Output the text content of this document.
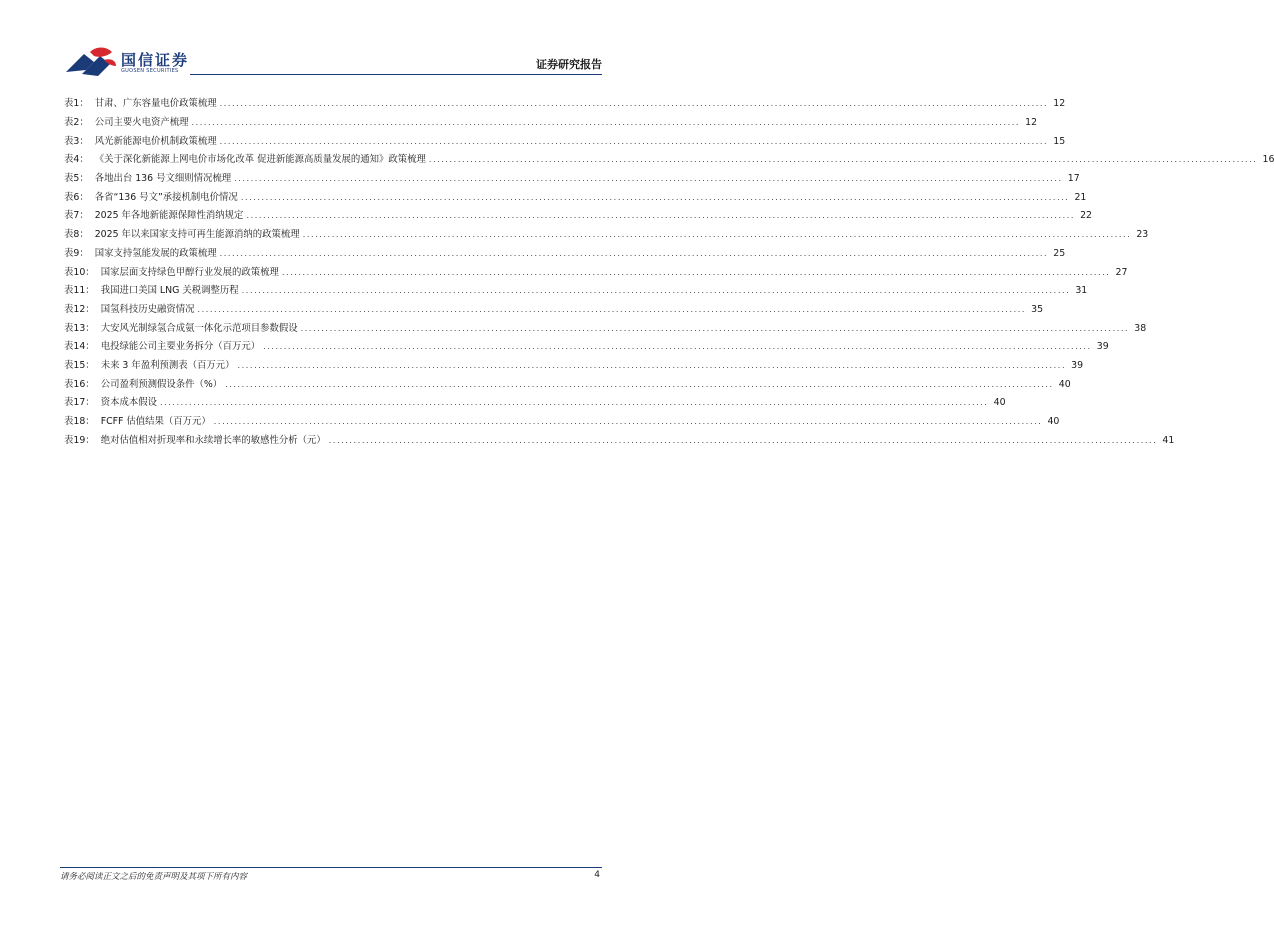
国信证券
GUOSEN SECURITIES	证券研究报告
表1： 甘肃、广东容量电价政策梳理 ........................................................................................................................................................................................................ 12
表2： 公司主要火电资产梳理 ........................................................................................................................................................................................................ 12
表3： 风光新能源电价机制政策梳理 ........................................................................................................................................................................................................ 15
表4： 《关于深化新能源上网电价市场化改革 促进新能源高质量发展的通知》政策梳理 ........................................................................................................................................................................................................ 16
表5： 各地出台 136 号文细则情况梳理 ........................................................................................................................................................................................................ 17
表6： 各省“136 号文”承接机制电价情况 ........................................................................................................................................................................................................ 21
表7： 2025 年各地新能源保障性消纳规定 ........................................................................................................................................................................................................ 22
表8： 2025 年以来国家支持可再生能源消纳的政策梳理 ........................................................................................................................................................................................................ 23
表9： 国家支持氢能发展的政策梳理 ........................................................................................................................................................................................................ 25
表10： 国家层面支持绿色甲醇行业发展的政策梳理 ........................................................................................................................................................................................................ 27
表11： 我国进口美国 LNG 关税调整历程 ........................................................................................................................................................................................................ 31
表12： 国氢科技历史融资情况 ........................................................................................................................................................................................................ 35
表13： 大安风光制绿氢合成氨一体化示范项目参数假设 ........................................................................................................................................................................................................ 38
表14： 电投绿能公司主要业务拆分（百万元） ........................................................................................................................................................................................................ 39
表15： 未来 3 年盈利预测表（百万元） ........................................................................................................................................................................................................ 39
表16： 公司盈利预测假设条件（%） ........................................................................................................................................................................................................ 40
表17： 资本成本假设 ........................................................................................................................................................................................................ 40
表18： FCFF 估值结果（百万元） ........................................................................................................................................................................................................ 40
表19： 绝对估值相对折现率和永续增长率的敏感性分析（元） ........................................................................................................................................................................................................ 41
请务必阅读正文之后的免责声明及其项下所有内容	4
